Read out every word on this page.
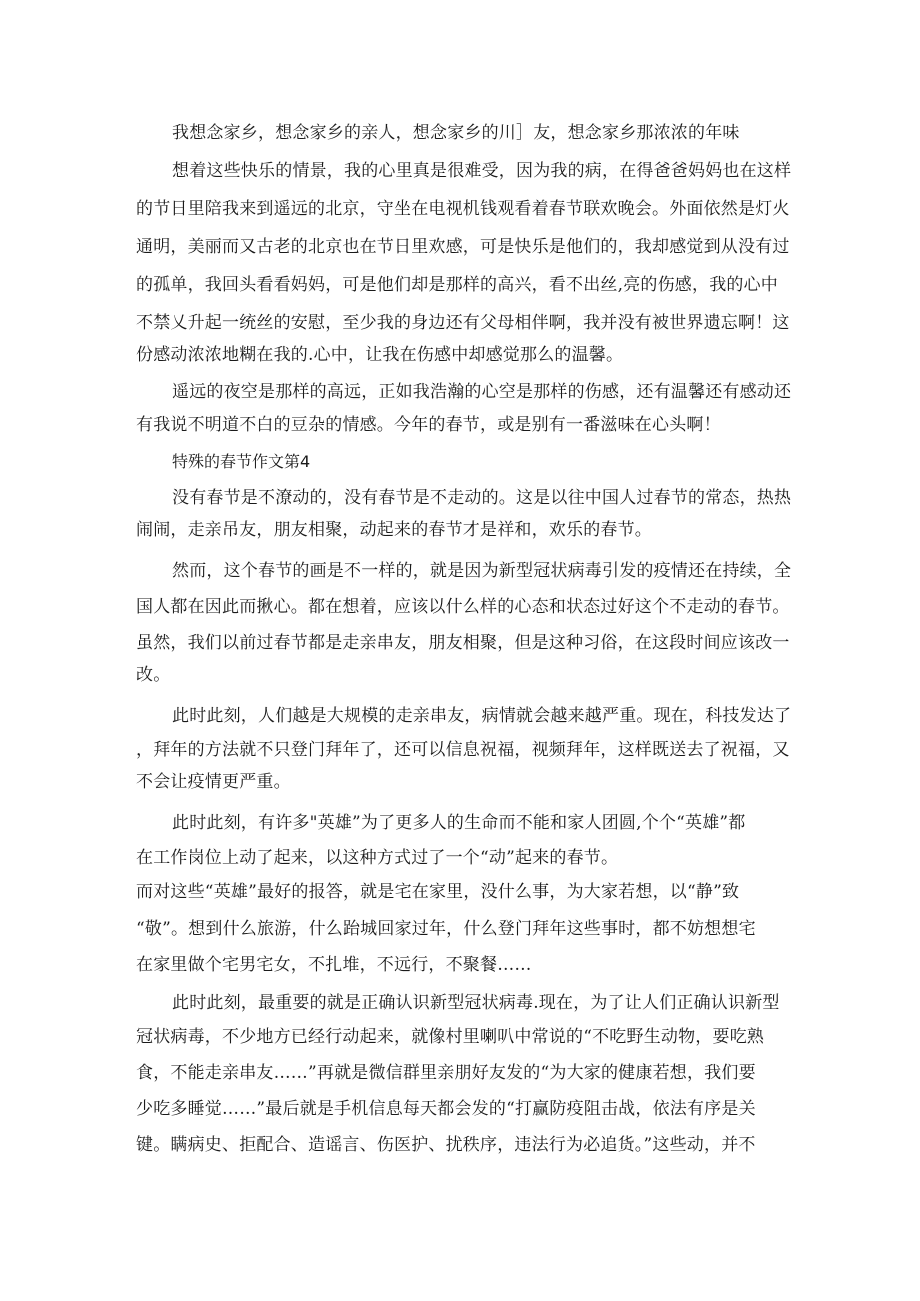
我想念家乡，想念家乡的亲人，想念家乡的川］友，想念家乡那浓浓的年味
想着这些快乐的情景，我的心里真是很难受，因为我的病，在得爸爸妈妈也在这样
的节日里陪我来到遥远的北京，守坐在电视机钱观看着春节联欢晚会。外面依然是灯火
通明，美丽而又古老的北京也在节日里欢感，可是快乐是他们的，我却感觉到从没有过
的孤单，我回头看看妈妈，可是他们却是那样的高兴，看不出丝,亮的伤感，我的心中
不禁乂升起一统丝的安慰，至少我的身边还有父母相伴啊，我并没有被世界遗忘啊！这
份感动浓浓地糊在我的.心中，让我在伤感中却感觉那么的温馨。
遥远的夜空是那样的高远，正如我浩瀚的心空是那样的伤感，还有温馨还有感动还
有我说不明道不白的豆杂的情感。今年的春节，或是别有一番滋味在心头啊！
特殊的春节作文第4
没有春节是不潦动的，没有春节是不走动的。这是以往中国人过春节的常态，热热
闹闹，走亲吊友，朋友相聚，动起来的春节才是祥和，欢乐的春节。
然而，这个春节的画是不一样的，就是因为新型冠状病毒引发的疫情还在持续，全
国人都在因此而揪心。都在想着，应该以什么样的心态和状态过好这个不走动的春节。
虽然，我们以前过春节都是走亲串友，朋友相聚，但是这种习俗，在这段时间应该改一
改。
此时此刻，人们越是大规模的走亲串友，病情就会越来越严重。现在，科技发达了
，拜年的方法就不只登门拜年了，还可以信息祝福，视频拜年，这样既送去了祝福，又
不会让疫情更严重。
此时此刻，有许多"英雄”为了更多人的生命而不能和家人团圆,个个“英雄”都
在工作岗位上动了起来，以这种方式过了一个“动”起来的春节。
而对这些“英雄”最好的报答，就是宅在家里，没什么事，为大家若想，以“静”致
“敬”。想到什么旅游，什么跆城回家过年，什么登门拜年这些事时，都不妨想想宅
在家里做个宅男宅女，不扎堆，不远行，不聚餐……
此时此刻，最重要的就是正确认识新型冠状病毒.现在，为了让人们正确认识新型
冠状病毒，不少地方已经行动起来，就像村里喇叭中常说的“不吃野生动物，要吃熟
食，不能走亲串友……”再就是微信群里亲朋好友发的“为大家的健康若想，我们要
少吃多睡觉……”最后就是手机信息每天都会发的“打赢防疫阻击战，依法有序是关
键。瞒病史、拒配合、造谣言、伤医护、扰秩序，违法行为必追货。”这些动，并不
